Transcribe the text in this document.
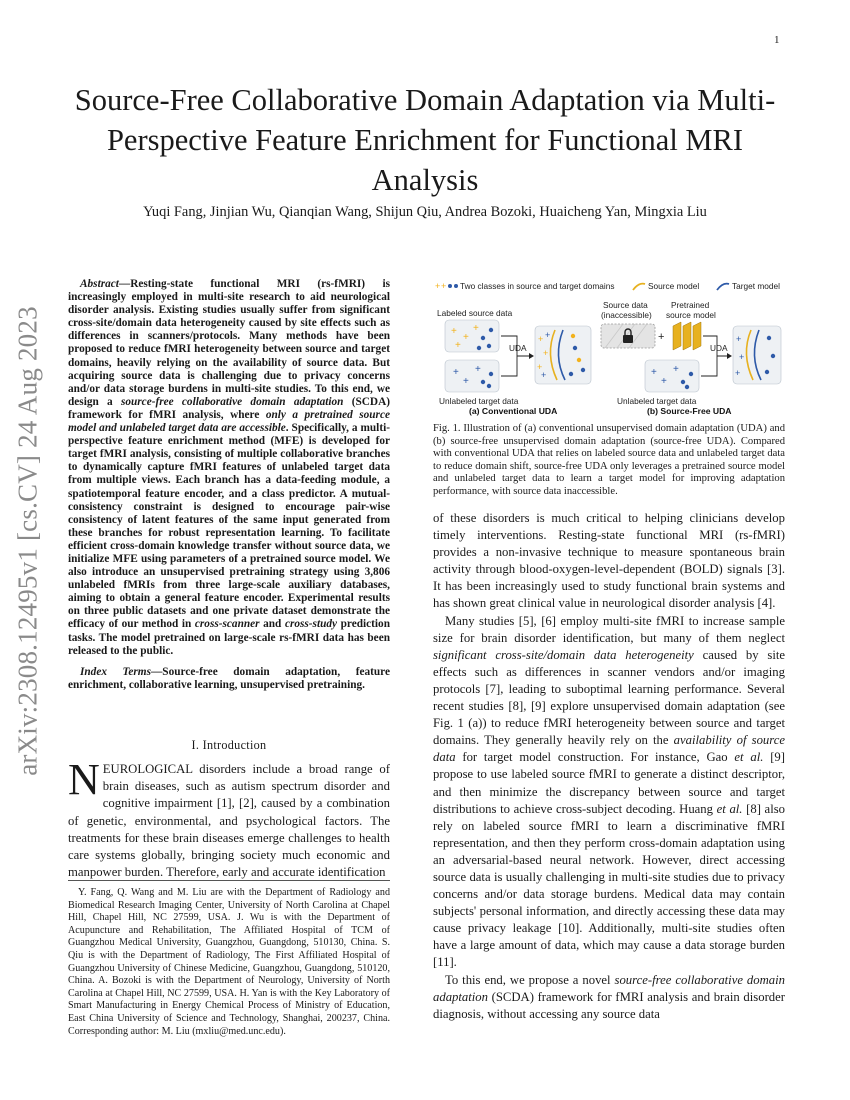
1
Source-Free Collaborative Domain Adaptation via Multi-Perspective Feature Enrichment for Functional MRI Analysis
Yuqi Fang, Jinjian Wu, Qianqian Wang, Shijun Qiu, Andrea Bozoki, Huaicheng Yan, Mingxia Liu
arXiv:2308.12495v1 [cs.CV] 24 Aug 2023

Abstract—Resting-state functional MRI (rs-fMRI) is increasingly employed in multi-site research to aid neurological disorder analysis. Existing studies usually suffer from significant cross-site/domain data heterogeneity caused by site effects such as differences in scanners/protocols. Many methods have been proposed to reduce fMRI heterogeneity between source and target domains, heavily relying on the availability of source data. But acquiring source data is challenging due to privacy concerns and/or data storage burdens in multi-site studies. To this end, we design a source-free collaborative domain adaptation (SCDA) framework for fMRI analysis, where only a pretrained source model and unlabeled target data are accessible. Specifically, a multi-perspective feature enrichment method (MFE) is developed for target fMRI analysis, consisting of multiple collaborative branches to dynamically capture fMRI features of unlabeled target data from multiple views. Each branch has a data-feeding module, a spatiotemporal feature encoder, and a class predictor. A mutual-consistency constraint is designed to encourage pair-wise consistency of latent features of the same input generated from these branches for robust representation learning. To facilitate efficient cross-domain knowledge transfer without source data, we initialize MFE using parameters of a pretrained source model. We also introduce an unsupervised pretraining strategy using 3,806 unlabeled fMRIs from three large-scale auxiliary databases, aiming to obtain a general feature encoder. Experimental results on three public datasets and one private dataset demonstrate the efficacy of our method in cross-scanner and cross-study prediction tasks. The model pretrained on large-scale rs-fMRI data has been released to the public.

Index Terms—Source-free domain adaptation, feature enrichment, collaborative learning, unsupervised pretraining.

I. Introduction

NEUROLOGICAL disorders include a broad range of brain diseases, such as autism spectrum disorder and cognitive impairment [1], [2], caused by a combination of genetic, environmental, and psychological factors. The treatments for these brain diseases emerge challenges to health care systems globally, bringing society much economic and manpower burden. Therefore, early and accurate identification

Y. Fang, Q. Wang and M. Liu are with the Department of Radiology and Biomedical Research Imaging Center, University of North Carolina at Chapel Hill, Chapel Hill, NC 27599, USA. J. Wu is with the Department of Acupuncture and Rehabilitation, The Affiliated Hospital of TCM of Guangzhou Medical University, Guangzhou, Guangdong, 510130, China. S. Qiu is with the Department of Radiology, The First Affiliated Hospital of Guangzhou University of Chinese Medicine, Guangzhou, Guangdong, 510120, China. A. Bozoki is with the Department of Neurology, University of North Carolina at Chapel Hill, NC 27599, USA. H. Yan is with the Key Laboratory of Smart Manufacturing in Energy Chemical Process of Ministry of Education, East China University of Science and Technology, Shanghai, 200237, China. Corresponding author: M. Liu (mxliu@med.unc.edu).

+ + Two classes in source and target domains	Source model	Target model
Labeled source data
+
+
+
+
+
+
+
Unlabeled target data
UDA
+
+
+
+
+
(a) Conventional UDA
Source data
(inaccessible)
+
Pretrained
source model
+
+
+
Unlabeled target data
UDA
+
+
+
(b) Source-Free UDA

Fig. 1. Illustration of (a) conventional unsupervised domain adaptation (UDA) and (b) source-free unsupervised domain adaptation (source-free UDA). Compared with conventional UDA that relies on labeled source data and unlabeled target data to reduce domain shift, source-free UDA only leverages a pretrained source model and unlabeled target data to learn a target model for improving adaptation performance, with source data inaccessible.

of these disorders is much critical to helping clinicians develop timely interventions. Resting-state functional MRI (rs-fMRI) provides a non-invasive technique to measure spontaneous brain activity through blood-oxygen-level-dependent (BOLD) signals [3]. It has been increasingly used to study functional brain systems and has shown great clinical value in neurological disorder analysis [4].

Many studies [5], [6] employ multi-site fMRI to increase sample size for brain disorder identification, but many of them neglect significant cross-site/domain data heterogeneity caused by site effects such as differences in scanner vendors and/or imaging protocols [7], leading to suboptimal learning performance. Several recent studies [8], [9] explore unsupervised domain adaptation (see Fig. 1 (a)) to reduce fMRI heterogeneity between source and target domains. They generally heavily rely on the availability of source data for target model construction. For instance, Gao et al. [9] propose to use labeled source fMRI to generate a distinct descriptor, and then minimize the discrepancy between source and target distributions to achieve cross-subject decoding. Huang et al. [8] also rely on labeled source fMRI to learn a discriminative fMRI representation, and then they perform cross-domain adaptation using an adversarial-based neural network. However, direct accessing source data is usually challenging in multi-site studies due to privacy concerns and/or data storage burdens. Medical data may contain subjects' personal information, and directly accessing these data may cause privacy leakage [10]. Additionally, multi-site studies often have a large amount of data, which may cause a data storage burden [11].

To this end, we propose a novel source-free collaborative domain adaptation (SCDA) framework for fMRI analysis and brain disorder diagnosis, without accessing any source data
